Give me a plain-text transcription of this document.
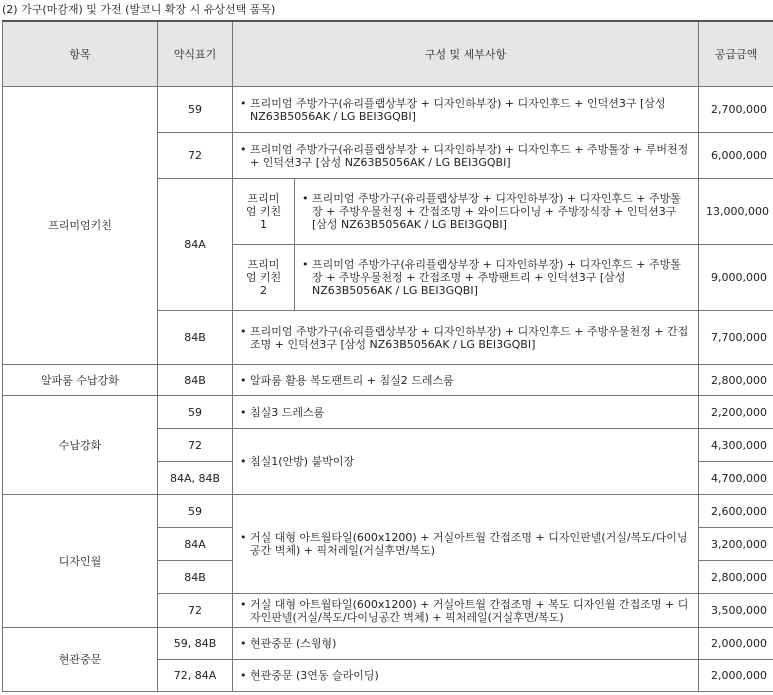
(2) 가구(마감재) 및 가전 (발코니 확장 시 유상선택 품목)
항목	약식표기	구성 및 세부사항		공급금액
프리미엄키친	59	• 프리미엄 주방가구(유리플랩상부장 + 디자인하부장) + 디자인후드 + 인덕션3구 [삼성 NZ63B5056AK / LG BEI3GQBI]		2,700,000
	72	• 프리미엄 주방가구(유리플랩상부장 + 디자인하부장) + 디자인후드 + 주방톨장 + 루버천정 + 인덕션3구 [삼성 NZ63B5056AK / LG BEI3GQBI]		6,000,000
	84A	프리미엄 키친1	• 프리미엄 주방가구(유리플랩상부장 + 디자인하부장) + 디자인후드 + 주방톨장 + 주방우물천정 + 간접조명 + 와이드다이닝 + 주방장식장 + 인덕션3구 [삼성 NZ63B5056AK / LG BEI3GQBI]	13,000,000
		프리미엄 키친2	• 프리미엄 주방가구(유리플랩상부장 + 디자인하부장) + 디자인후드 + 주방톨장 + 주방우물천정 + 간접조명 + 주방팬트리 + 인덕션3구 [삼성 NZ63B5056AK / LG BEI3GQBI]	9,000,000
	84B	• 프리미엄 주방가구(유리플랩상부장 + 디자인하부장) + 디자인후드 + 주방우물천정 + 간접조명 + 인덕션3구 [삼성 NZ63B5056AK / LG BEI3GQBI]		7,700,000
알파룸 수납강화	84B	• 알파룸 활용 복도팬트리 + 침실2 드레스룸		2,800,000
수납강화	59	• 침실3 드레스룸		2,200,000
	72	• 침실1(안방) 붙박이장		4,300,000
	84A, 84B			4,700,000
디자인월	59	• 거실 대형 아트월타일(600x1200) + 거실아트월 간접조명 + 디자인판넬(거실/복도/다이닝공간 벽체) + 픽처레일(거실후면/복도)		2,600,000
	84A			3,200,000
	84B			2,800,000
	72	• 거실 대형 아트월타일(600x1200) + 거실아트월 간접조명 + 복도 디자인월 간접조명 + 디자인판넬(거실/복도/다이닝공간 벽체) + 픽처레일(거실후면/복도)		3,500,000
현관중문	59, 84B	• 현관중문 (스윙형)		2,000,000
	72, 84A	• 현관중문 (3연동 슬라이딩)		2,000,000
